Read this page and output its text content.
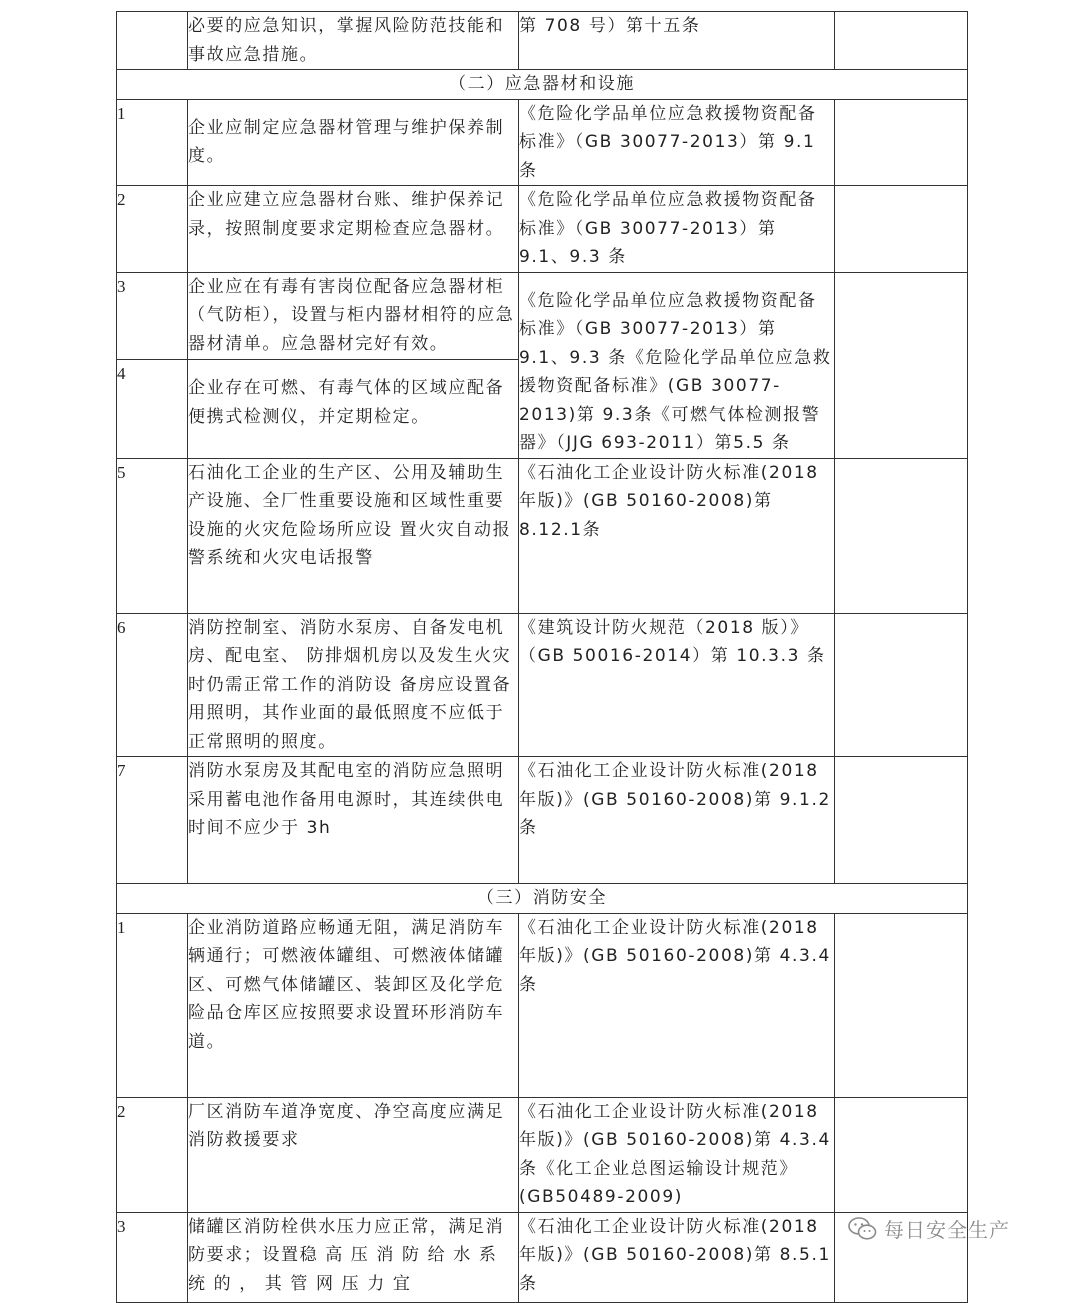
	必要的应急知识，掌握风险防范技能和事故应急措施。	第 708 号）第十五条	
（二）应急器材和设施			
1	企业应制定应急器材管理与维护保养制度。	《危险化学品单位应急救援物资配备标准》（GB 30077-2013）第 9.1 条	
2	企业应建立应急器材台账、维护保养记录，按照制度要求定期检查应急器材。	《危险化学品单位应急救援物资配备标准》（GB 30077-2013）第 9.1、9.3 条	
3	企业应在有毒有害岗位配备应急器材柜（气防柜），设置与柜内器材相符的应急器材清单。应急器材完好有效。	《危险化学品单位应急救援物资配备标准》（GB 30077-2013）第 9.1、9.3 条《危险化学品单位应急救援物资配备标准》(GB 30077-2013)第 9.3条《可燃气体检测报警器》（JJG 693-2011）第5.5 条	
4	企业存在可燃、有毒气体的区域应配备便携式检测仪，并定期检定。		
5	石油化工企业的生产区、公用及辅助生产设施、全厂性重要设施和区域性重要设施的火灾危险场所应设 置火灾自动报警系统和火灾电话报警	《石油化工企业设计防火标准(2018年版)》(GB 50160-2008)第 8.12.1条	
6	消防控制室、消防水泵房、自备发电机房、配电室、 防排烟机房以及发生火灾时仍需正常工作的消防设 备房应设置备用照明，其作业面的最低照度不应低于正常照明的照度。	《建筑设计防火规范（2018 版）》（GB 50016-2014）第 10.3.3 条	
7	消防水泵房及其配电室的消防应急照明采用蓄电池作备用电源时，其连续供电时间不应少于 3h	《石油化工企业设计防火标准(2018年版)》(GB 50160-2008)第 9.1.2条	
（三）消防安全			
1	企业消防道路应畅通无阻，满足消防车辆通行；可燃液体罐组、可燃液体储罐区、可燃气体储罐区、装卸区及化学危险品仓库区应按照要求设置环形消防车道。	《石油化工企业设计防火标准(2018年版)》(GB 50160-2008)第 4.3.4条	
2	厂区消防车道净宽度、净空高度应满足消防救援要求	《石油化工企业设计防火标准(2018年版)》(GB 50160-2008)第 4.3.4条《化工企业总图运输设计规范》(GB50489-2009)	
3	储罐区消防栓供水压力应正常，满足消防要求；设置稳 高 压 消 防 给 水 系 统 的 ， 其 管 网 压 力 宜	《石油化工企业设计防火标准(2018年版)》(GB 50160-2008)第 8.5.1条	
每日安全生产
